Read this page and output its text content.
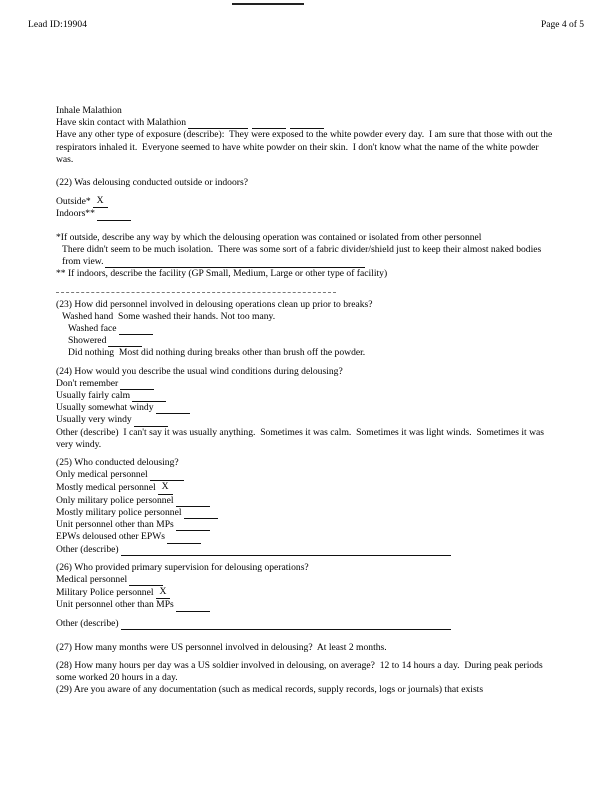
Lead ID:19904	Page 4 of 5
Inhale Malathion
Have skin contact with Malathion
Have any other type of exposure (describe):  They were exposed to the white powder every day.  I am sure that those with out the respirators inhaled it.  Everyone seemed to have white powder on their skin.  I don't know what the name of the white powder was.
(22) Was delousing conducted outside or indoors?
Outside* X
Indoors**
*If outside, describe any way by which the delousing operation was contained or isolated from other personnel
There didn't seem to be much isolation.  There was some sort of a fabric divider/shield just to keep their almost naked bodies from view.
** If indoors, describe the facility (GP Small, Medium, Large or other type of facility)
(23) How did personnel involved in delousing operations clean up prior to breaks?
Washed hand Some washed their hands. Not too many.
Washed face
Showered
Did nothing Most did nothing during breaks other than brush off the powder.
(24) How would you describe the usual wind conditions during delousing?
Don't remember
Usually fairly calm
Usually somewhat windy
Usually very windy
Other (describe) I can't say it was usually anything.  Sometimes it was calm.  Sometimes it was light winds.  Sometimes it was very windy.
(25) Who conducted delousing?
Only medical personnel
Mostly medical personnel X
Only military police personnel
Mostly military police personnel
Unit personnel other than MPs
EPWs deloused other EPWs
Other (describe)
(26) Who provided primary supervision for delousing operations?
Medical personnel
Military Police personnel X
Unit personnel other than MPs
Other (describe)
(27) How many months were US personnel involved in delousing?  At least 2 months.
(28) How many hours per day was a US soldier involved in delousing, on average?  12 to 14 hours a day.  During peak periods some worked 20 hours in a day.
(29) Are you aware of any documentation (such as medical records, supply records, logs or journals) that exists
